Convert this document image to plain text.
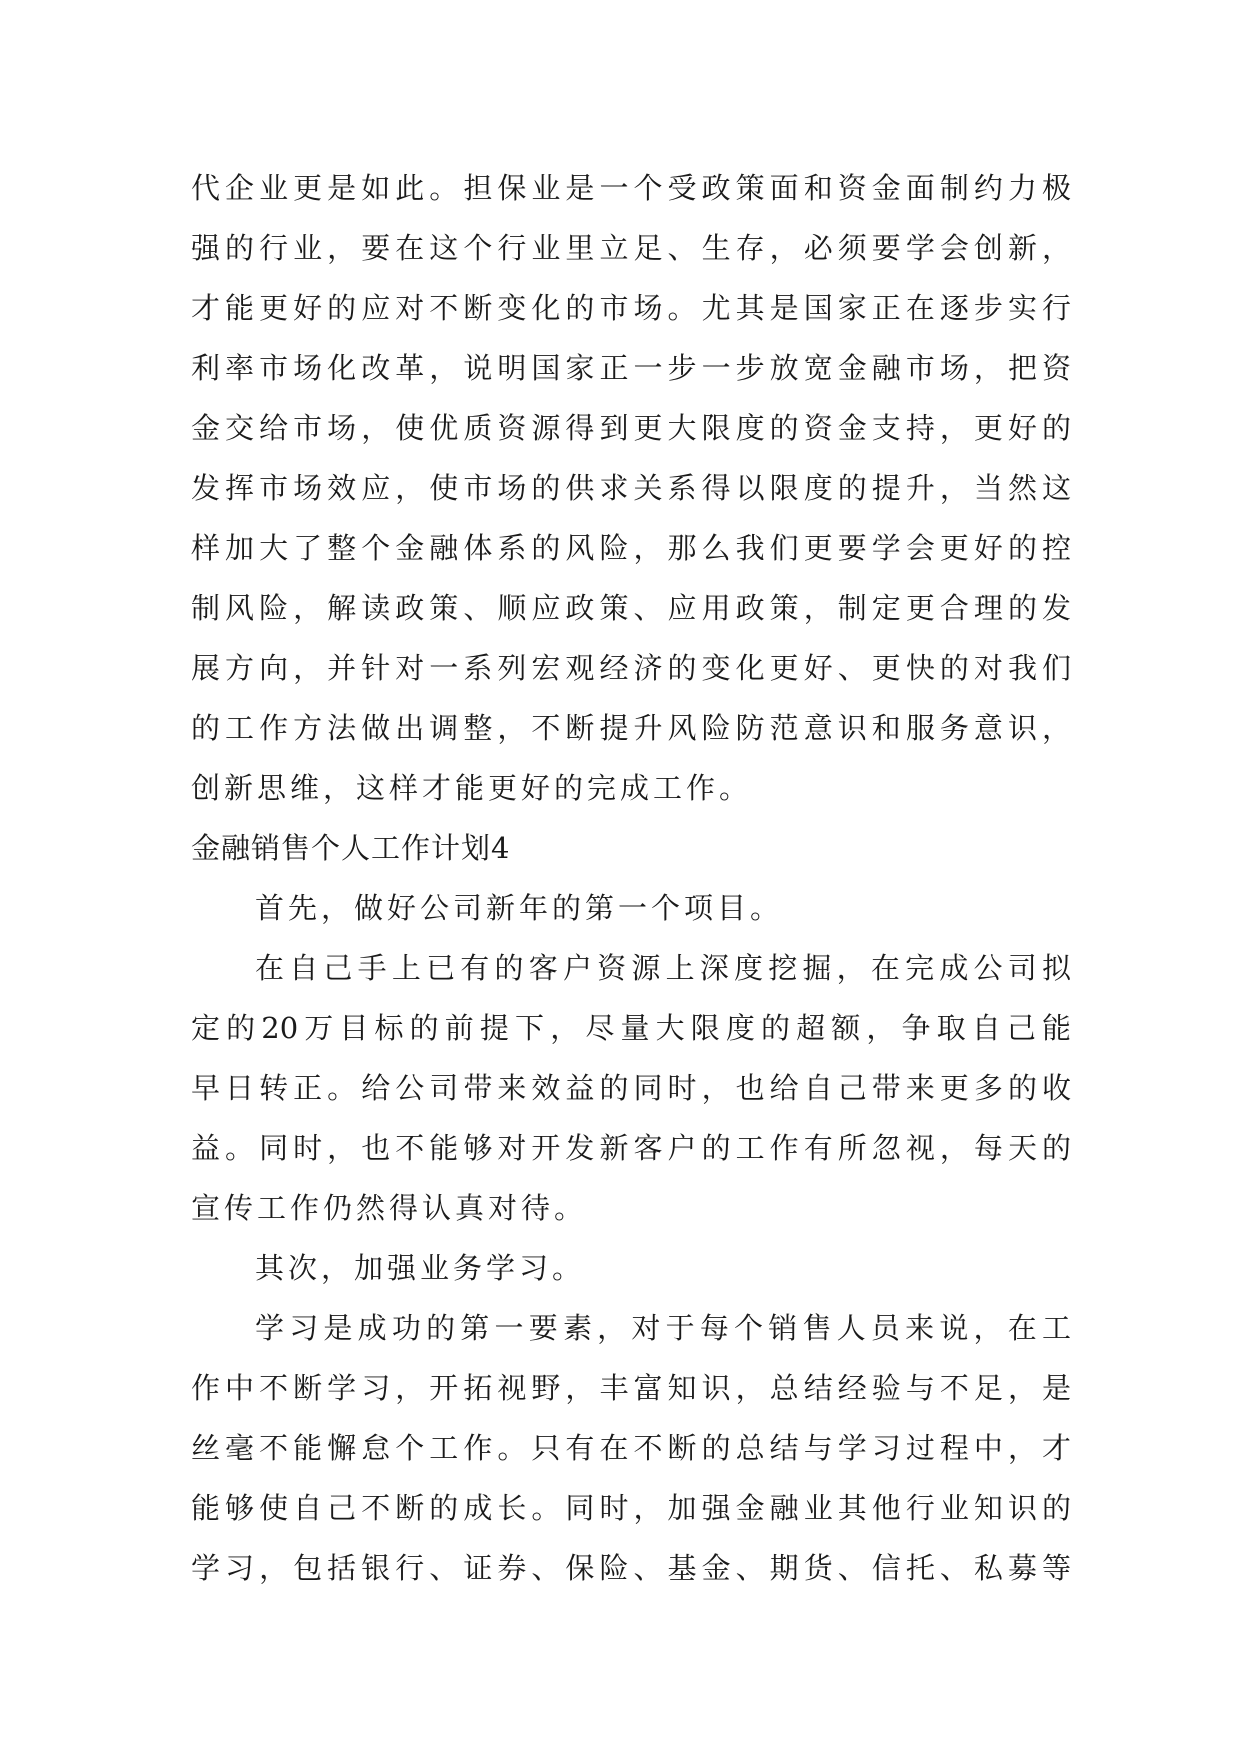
代企业更是如此。担保业是一个受政策面和资金面制约力极
强的行业，要在这个行业里立足、生存，必须要学会创新，
才能更好的应对不断变化的市场。尤其是国家正在逐步实行
利率市场化改革，说明国家正一步一步放宽金融市场，把资
金交给市场，使优质资源得到更大限度的资金支持，更好的
发挥市场效应，使市场的供求关系得以限度的提升，当然这
样加大了整个金融体系的风险，那么我们更要学会更好的控
制风险，解读政策、顺应政策、应用政策，制定更合理的发
展方向，并针对一系列宏观经济的变化更好、更快的对我们
的工作方法做出调整，不断提升风险防范意识和服务意识，
创新思维，这样才能更好的完成工作。
金融销售个人工作计划4
首先，做好公司新年的第一个项目。
在自己手上已有的客户资源上深度挖掘，在完成公司拟
定的20万目标的前提下，尽量大限度的超额，争取自己能
早日转正。给公司带来效益的同时，也给自己带来更多的收
益。同时，也不能够对开发新客户的工作有所忽视，每天的
宣传工作仍然得认真对待。
其次，加强业务学习。
学习是成功的第一要素，对于每个销售人员来说，在工
作中不断学习，开拓视野，丰富知识，总结经验与不足，是
丝毫不能懈怠个工作。只有在不断的总结与学习过程中，才
能够使自己不断的成长。同时，加强金融业其他行业知识的
学习，包括银行、证券、保险、基金、期货、信托、私募等
